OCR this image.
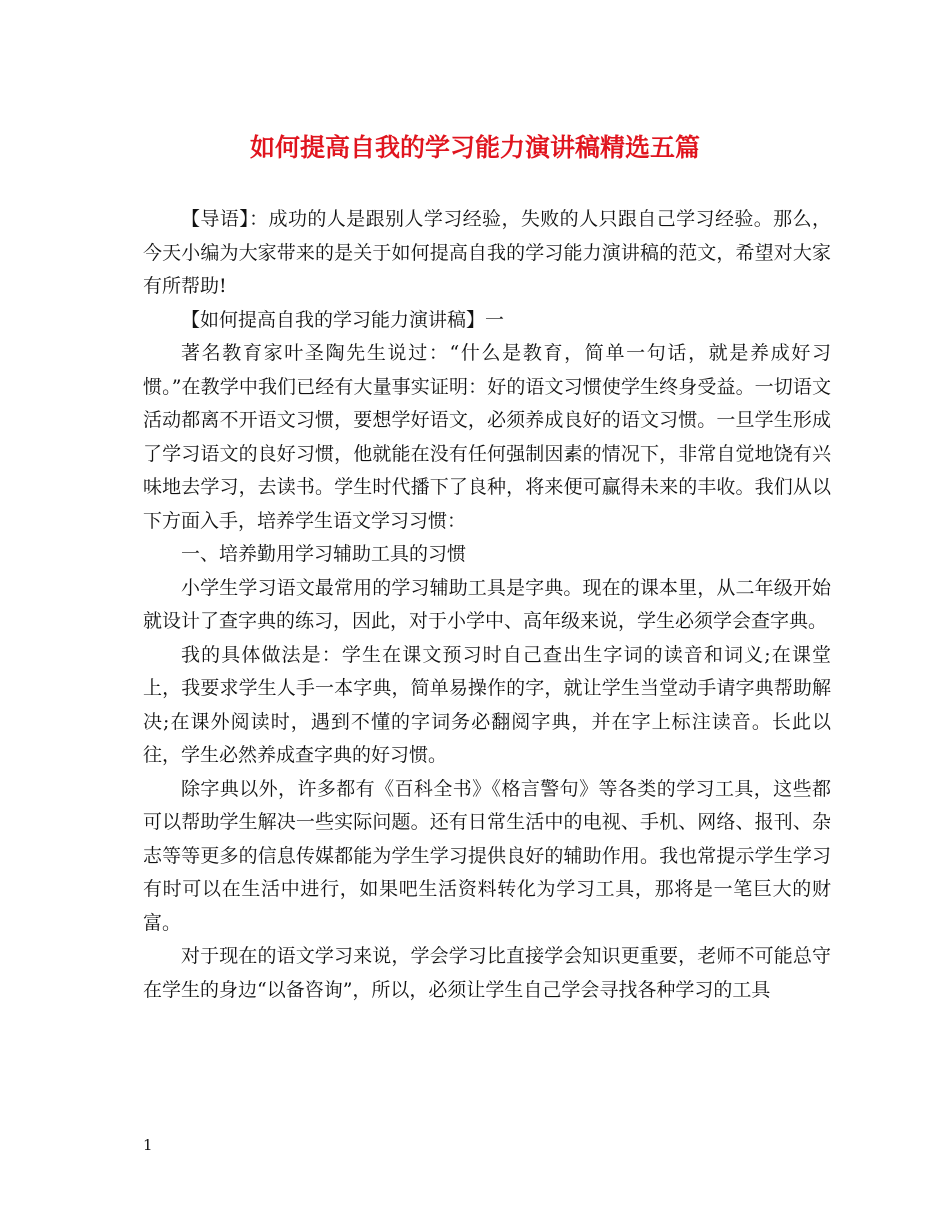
如何提高自我的学习能力演讲稿精选五篇

【导语】：成功的人是跟别人学习经验，失败的人只跟自己学习经验。那么，今天小编为大家带来的是关于如何提高自我的学习能力演讲稿的范文，希望对大家有所帮助!

【如何提高自我的学习能力演讲稿】一

著名教育家叶圣陶先生说过：“什么是教育，简单一句话，就是养成好习惯。”在教学中我们已经有大量事实证明：好的语文习惯使学生终身受益。一切语文活动都离不开语文习惯，要想学好语文，必须养成良好的语文习惯。一旦学生形成了学习语文的良好习惯，他就能在没有任何强制因素的情况下，非常自觉地饶有兴味地去学习，去读书。学生时代播下了良种，将来便可赢得未来的丰收。我们从以下方面入手，培养学生语文学习习惯：

一、培养勤用学习辅助工具的习惯

小学生学习语文最常用的学习辅助工具是字典。现在的课本里，从二年级开始就设计了查字典的练习，因此，对于小学中、高年级来说，学生必须学会查字典。

我的具体做法是：学生在课文预习时自己查出生字词的读音和词义;在课堂上，我要求学生人手一本字典，简单易操作的字，就让学生当堂动手请字典帮助解决;在课外阅读时，遇到不懂的字词务必翻阅字典，并在字上标注读音。长此以往，学生必然养成查字典的好习惯。

除字典以外，许多都有《百科全书》《格言警句》等各类的学习工具，这些都可以帮助学生解决一些实际问题。还有日常生活中的电视、手机、网络、报刊、杂志等等更多的信息传媒都能为学生学习提供良好的辅助作用。我也常提示学生学习有时可以在生活中进行，如果吧生活资料转化为学习工具，那将是一笔巨大的财富。

对于现在的语文学习来说，学会学习比直接学会知识更重要，老师不可能总守在学生的身边“以备咨询”，所以，必须让学生自己学会寻找各种学习的工具

1
